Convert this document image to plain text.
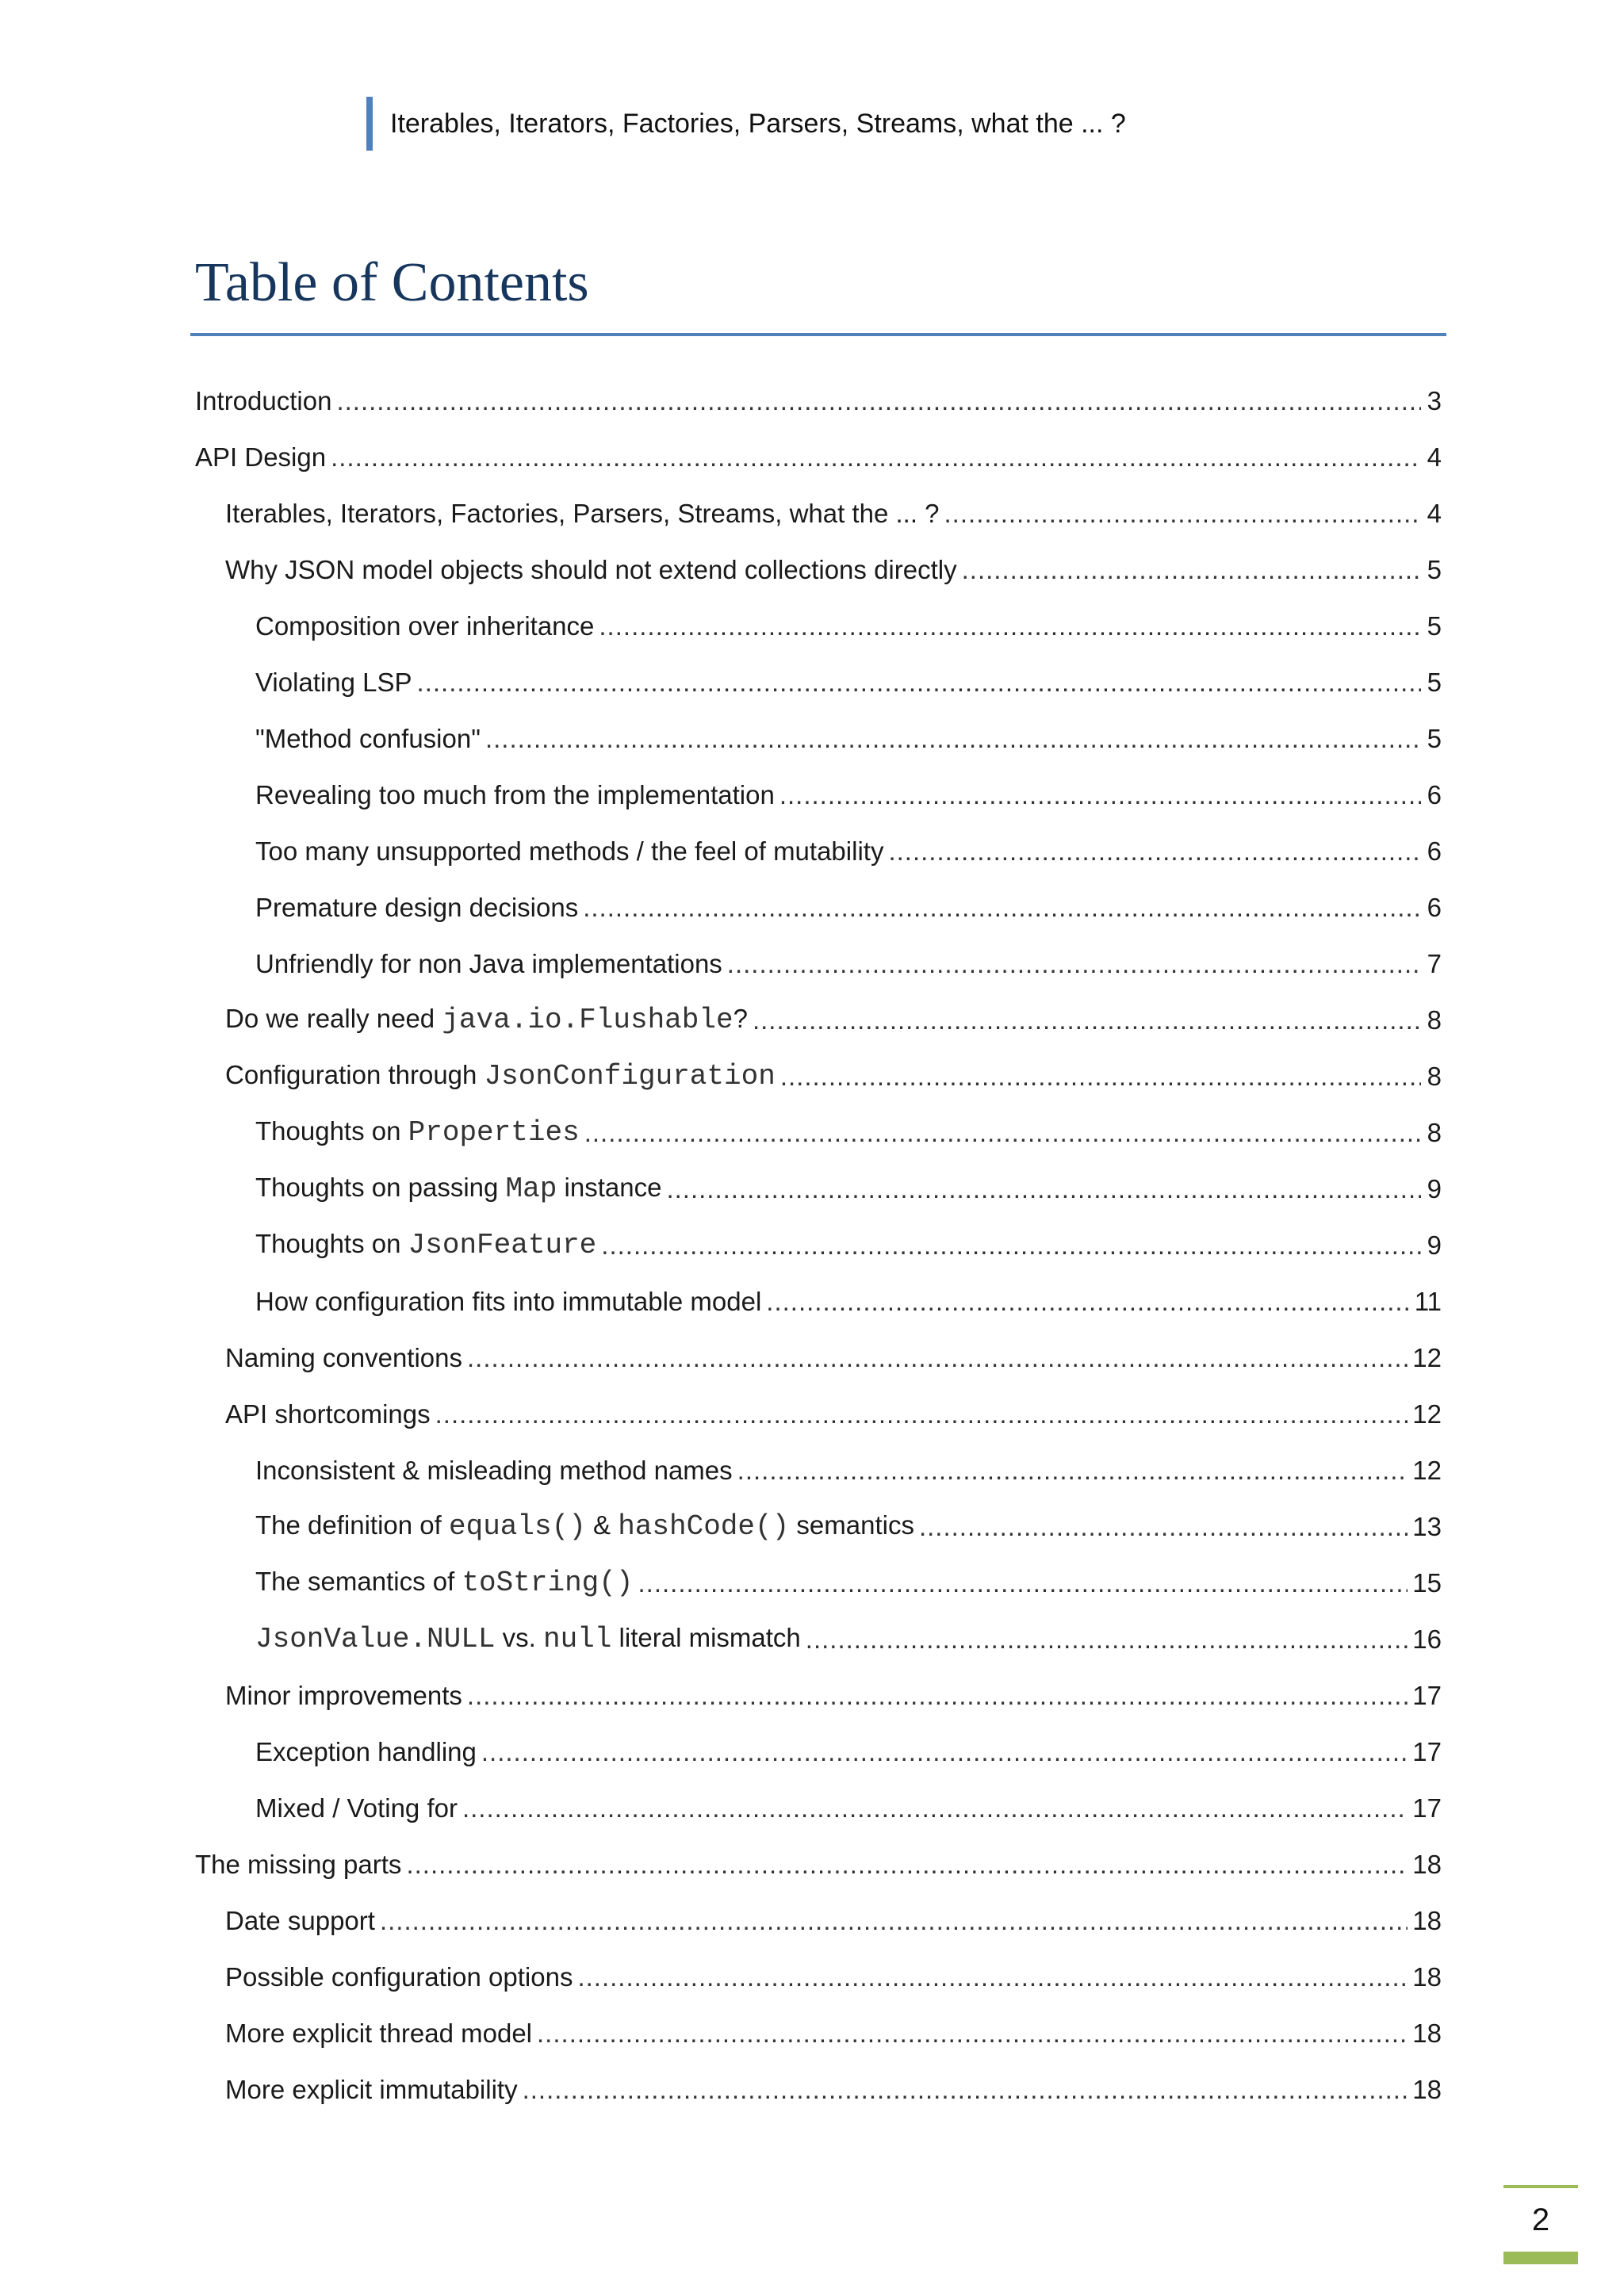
Iterables, Iterators, Factories, Parsers, Streams, what the ... ?
Table of Contents
Introduction .....	3
API Design .....	4
Iterables, Iterators, Factories, Parsers, Streams, what the ... ? .....	4
Why JSON model objects should not extend collections directly .....	5
Composition over inheritance .....	5
Violating LSP .....	5
"Method confusion" .....	5
Revealing too much from the implementation .....	6
Too many unsupported methods / the feel of mutability .....	6
Premature design decisions .....	6
Unfriendly for non Java implementations .....	7
Do we really need java.io.Flushable? .....	8
Configuration through JsonConfiguration .....	8
Thoughts on Properties .....	8
Thoughts on passing Map instance .....	9
Thoughts on JsonFeature .....	9
How configuration fits into immutable model .....	11
Naming conventions .....	12
API shortcomings .....	12
Inconsistent & misleading method names .....	12
The definition of equals() & hashCode() semantics .....	13
The semantics of toString() .....	15
JsonValue.NULL vs. null literal mismatch .....	16
Minor improvements .....	17
Exception handling .....	17
Mixed / Voting for .....	17
The missing parts .....	18
Date support .....	18
Possible configuration options .....	18
More explicit thread model .....	18
More explicit immutability .....	18
2
